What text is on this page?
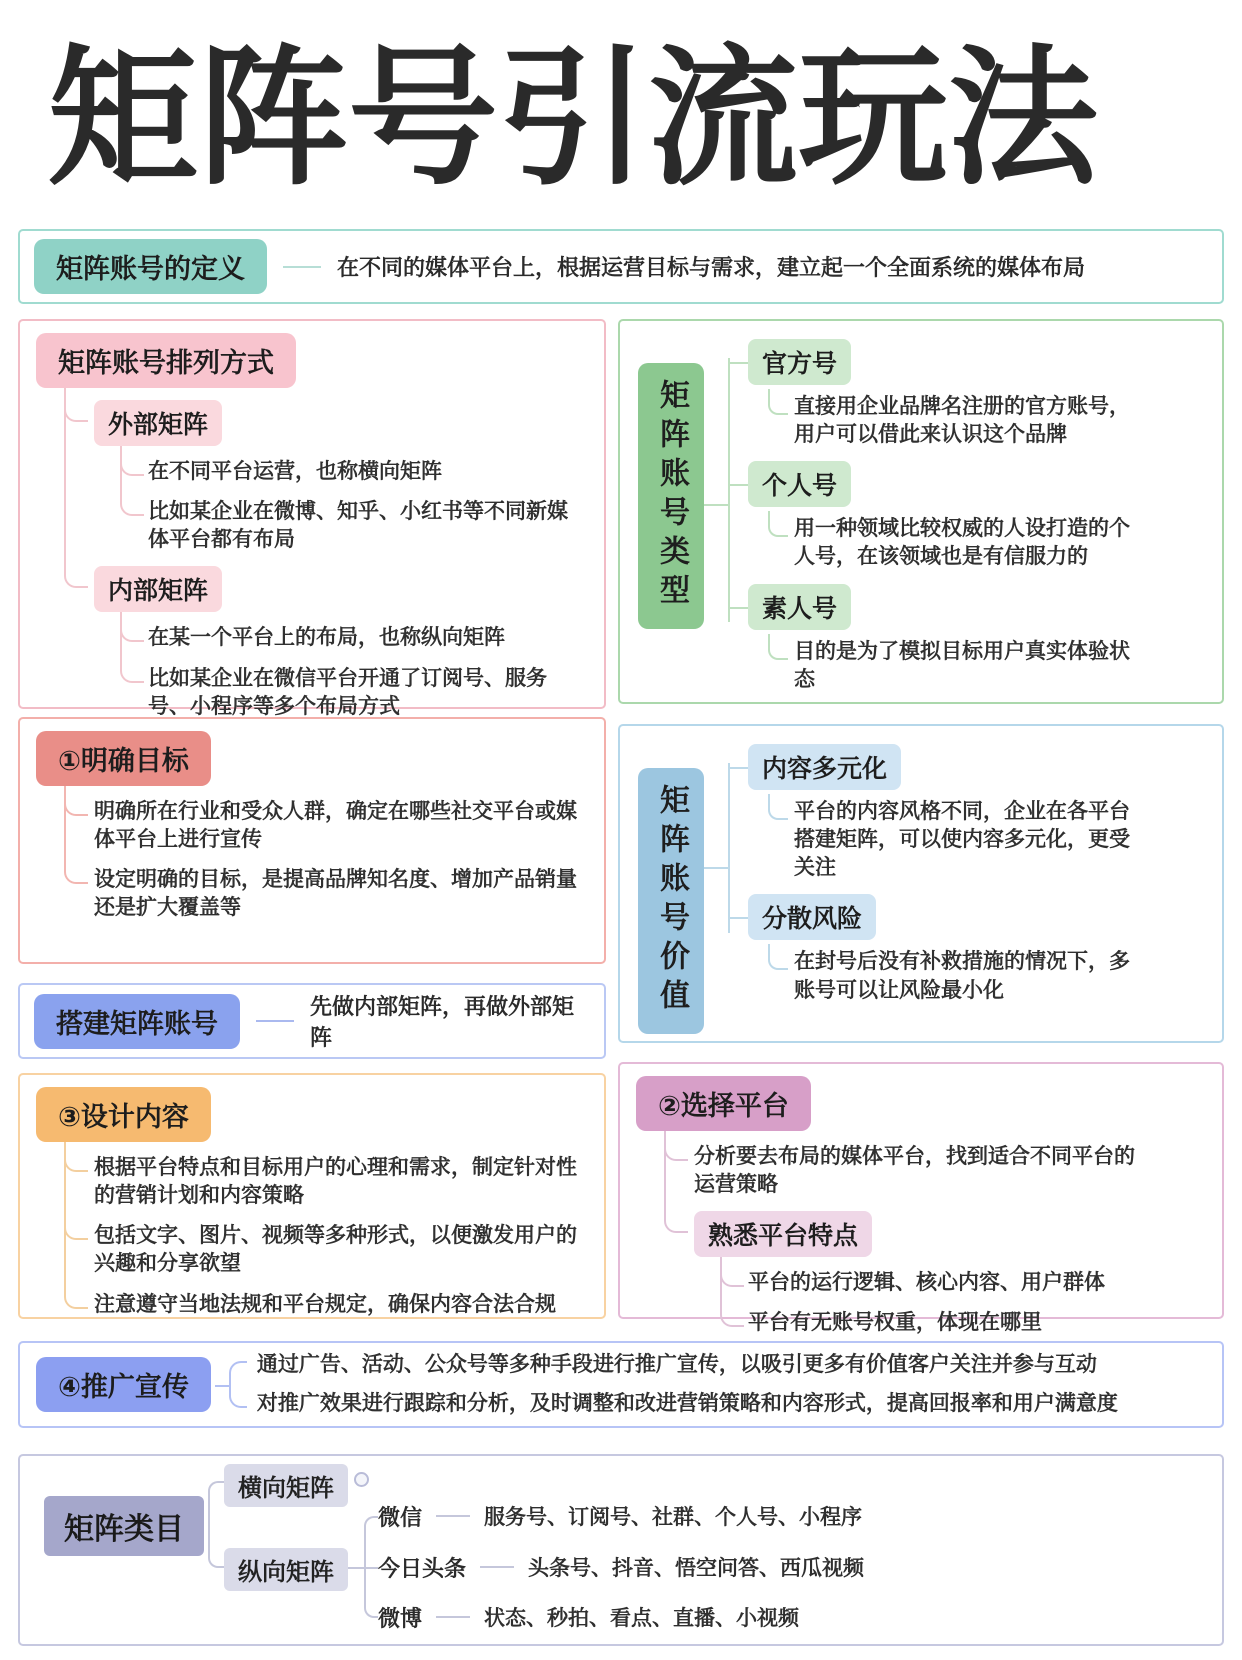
矩阵号引流玩法
矩阵账号的定义	在不同的媒体平台上，根据运营目标与需求，建立起一个全面系统的媒体布局
矩阵账号排列方式
外部矩阵
在不同平台运营，也称横向矩阵
比如某企业在微博、知乎、小红书等不同新媒体平台都有布局
内部矩阵
在某一个平台上的布局，也称纵向矩阵
比如某企业在微信平台开通了订阅号、服务号、小程序等多个布局方式
①明确目标
明确所在行业和受众人群，确定在哪些社交平台或媒体平台上进行宣传
设定明确的目标，是提高品牌知名度、增加产品销量还是扩大覆盖等
搭建矩阵账号
先做内部矩阵，再做外部矩阵
③设计内容
根据平台特点和目标用户的心理和需求，制定针对性的营销计划和内容策略
包括文字、图片、视频等多种形式，以便激发用户的兴趣和分享欲望
注意遵守当地法规和平台规定，确保内容合法合规
矩阵账号类型
官方号
直接用企业品牌名注册的官方账号，用户可以借此来认识这个品牌
个人号
用一种领域比较权威的人设打造的个人号，在该领域也是有信服力的
素人号
目的是为了模拟目标用户真实体验状态
矩阵账号价值
内容多元化
平台的内容风格不同，企业在各平台搭建矩阵，可以使内容多元化，更受关注
分散风险
在封号后没有补救措施的情况下，多账号可以让风险最小化
②选择平台
分析要去布局的媒体平台，找到适合不同平台的运营策略
熟悉平台特点
平台的运行逻辑、核心内容、用户群体
平台有无账号权重，体现在哪里
④推广宣传
通过广告、活动、公众号等多种手段进行推广宣传，以吸引更多有价值客户关注并参与互动
对推广效果进行跟踪和分析，及时调整和改进营销策略和内容形式，提高回报率和用户满意度
矩阵类目
横向矩阵
纵向矩阵
微信	服务号、订阅号、社群、个人号、小程序
今日头条	头条号、抖音、悟空问答、西瓜视频
微博	状态、秒拍、看点、直播、小视频
